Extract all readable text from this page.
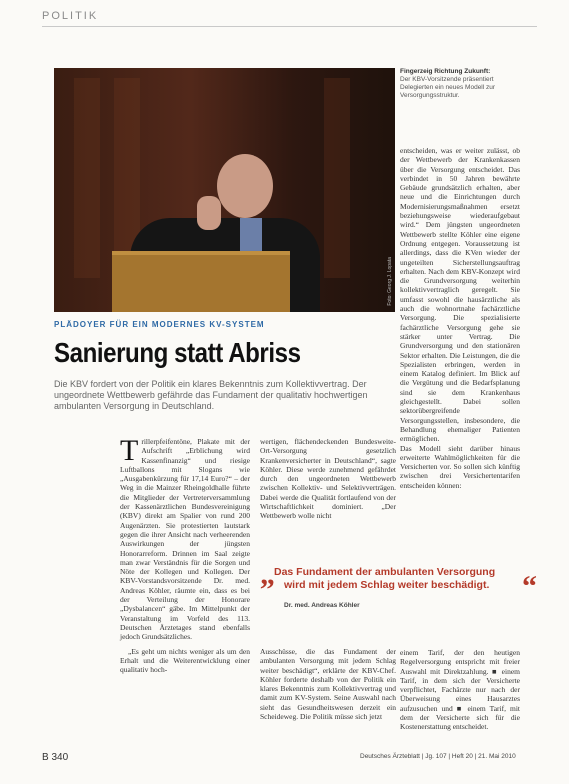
POLITIK
Foto: Georg J. Lopata
Fingerzeig Richtung Zukunft:
Der KBV-Vorsitzende präsentiert Delegierten ein neues Modell zur Versorgungsstruktur.
PLÄDOYER FÜR EIN MODERNES KV-SYSTEM
Sanierung statt Abriss
Die KBV fordert von der Politik ein klares Bekenntnis zum Kollektivvertrag. Der ungeordnete Wettbewerb gefährde das Fundament der qualitativ hochwertigen ambulanten Versorgung in Deutschland.
Trillerpfeifentöne, Plakate mit der Aufschrift „Erblichung wird Kassenfinanzig“ und riesige Luftballons mit Slogans wie „Ausgabenkürzung für 17,14 Euro?“ – der Weg in die Mainzer Rheingoldhalle führte die Mitglieder der Vertreterversammlung der Kassenärztlichen Bundesvereinigung (KBV) direkt am Spalier von rund 200 Augenärzten. Sie protestierten lautstark gegen die ihrer Ansicht nach verheerenden Auswirkungen der jüngsten Honorarreform. Drinnen im Saal zeigte man zwar Verständnis für die Sorgen und Nöte der Kollegen und Kollegen. Der KBV-Vorstandsvorsitzende Dr. med. Andreas Köhler, räumte ein, dass es bei der Verteilung der Honorare „Dysbalancen“ gäbe. Im Mittelpunkt der Veranstaltung im Vorfeld des 113. Deutschen Ärztetages stand ebenfalls jedoch Grundsätzliches.

„Es geht um nichts weniger als um den Erhalt und die Weiterentwicklung einer qualitativ hoch-

wertigen, flächendeckenden Bundesweite-Ort-Versorgung gesetzlich Krankenversicherter in Deutschland“, sagte Köhler. Diese werde zunehmend gefährdet durch den ungeordneten Wettbewerb zwischen Kollektiv- und Selektivverträgen. Dabei werde die Qualität fortlaufend von der Wirtschaftlichkeit dominiert. „Der Wettbewerb wolle nicht
entscheiden, was er weiter zulässt, ob der Wettbewerb der Krankenkassen über die Versorgung entscheidet. Das verbindet in 50 Jahren bewährte Gebäude grundsätzlich erhalten, aber neue und die Einrichtungen durch Modernisierungsmaßnahmen ersetzt beziehungsweise wiederaufgebaut wird.“ Dem jüngsten ungeordneten Wettbewerb stellte Köhler eine eigene Ordnung entgegen. Voraussetzung ist allerdings, dass die KVen wieder der ungeteilten Sicherstellungsauftrag erhalten. Nach dem KBV-Konzept wird die Grundversorgung weiterhin kollektivvertraglich geregelt. Sie umfasst sowohl die hausärztliche als auch die wohnortnahe fachärztliche Versorgung. Die spezialisierte fachärztliche Versorgung gehe sie stärker unter Vertrag. Die Grundversorgung und den stationären Sektor erhalten. Die Leistungen, die die Spezialisten erbringen, werden in einem Katalog definiert. Im Blick auf die Vergütung und die Bedarfsplanung sind sie dem Krankenhaus gleichgestellt. Dabei sollen sektorübergreifende Versorgungsstellen, insbesondere, die Behandlung ehemaliger Patienten ermöglichen.
Das Modell sieht darüber hinaus erweiterte Wahlmöglichkeiten für die Versicherten vor. So sollen sich künftig zwischen drei Versichertentarifen entscheiden können:
„ Das Fundament der ambulanten Versorgung
wird mit jedem Schlag weiter beschädigt.	“
Dr. med. Andreas Köhler
Ausschüsse, die das Fundament der ambulanten Versorgung mit jedem Schlag weiter beschädigt“, erklärte der KBV-Chef. Köhler forderte deshalb von der Politik ein klares Bekenntnis zum Kollektivvertrag und damit zum KV-System. Seine Auswahl nach sieht das Gesundheitswesen derzeit ein Scheideweg. Die Politik müsse sich jetzt
einem Tarif, der den heutigen Regelversorgung entspricht mit freier Auswahl mit Direktzahlung. ■ einem Tarif, in dem sich der Versicherte verpflichtet, Fachärzte nur nach der Überweisung eines Hausarztes aufzusuchen und ■ einem Tarif, mit dem der Versicherte sich für die Kostenerstattung entscheidet.
B 340	Deutsches Ärzteblatt | Jg. 107 | Heft 20 | 21. Mai 2010
